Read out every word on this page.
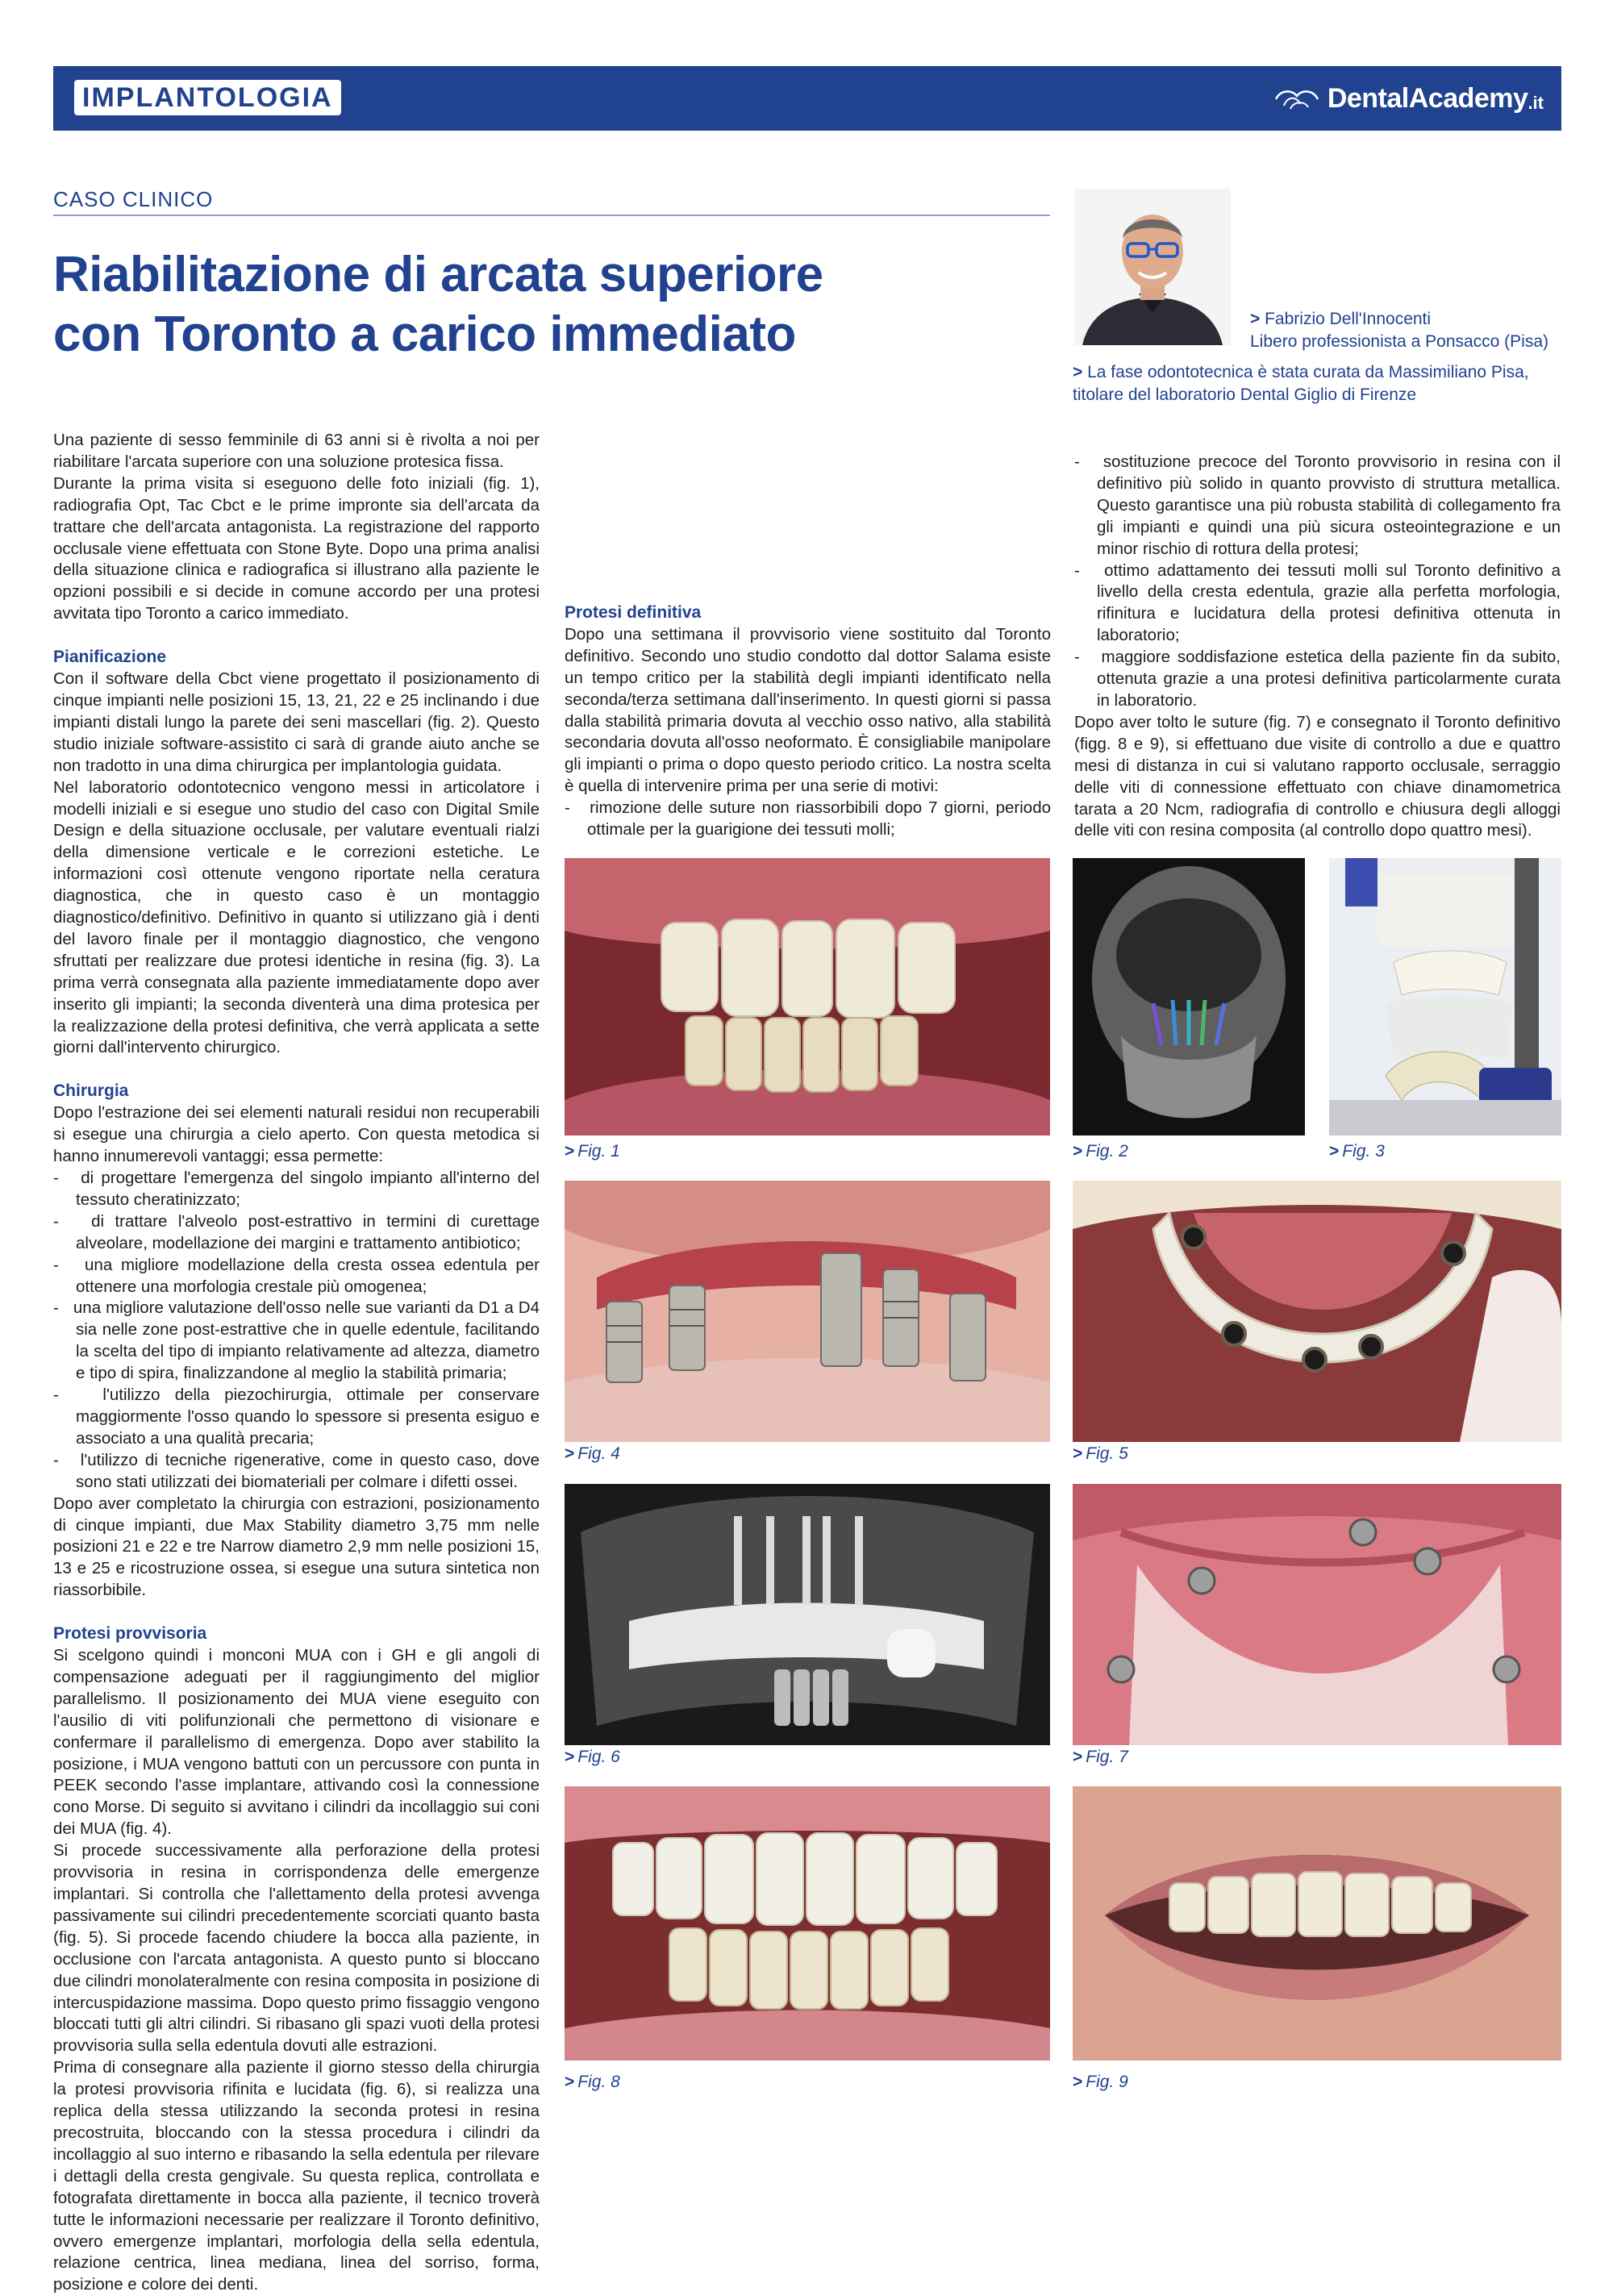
IMPLANTOLOGIA	DentalAcademy .it
CASO CLINICO
Riabilitazione di arcata superiore
con Toronto a carico immediato	> Fabrizio Dell'Innocenti
Libero professionista a Ponsacco (Pisa)
> La fase odontotecnica è stata curata da Massimiliano Pisa,
titolare del laboratorio Dental Giglio di Firenze

Una paziente di sesso femminile di 63 anni si è rivolta a noi per riabilitare l'arcata superiore con una soluzione protesica fissa.

Durante la prima visita si eseguono delle foto iniziali (fig. 1), radiografia Opt, Tac Cbct e le prime impronte sia dell'arcata da trattare che dell'arcata antagonista. La registrazione del rapporto occlusale viene effettuata con Stone Byte. Dopo una prima analisi della situazione clinica e radiografica si illustrano alla paziente le opzioni possibili e si decide in comune accordo per una protesi avvitata tipo Toronto a carico immediato.

Pianificazione

Con il software della Cbct viene progettato il posizionamento di cinque impianti nelle posizioni 15, 13, 21, 22 e 25 inclinando i due impianti distali lungo la parete dei seni mascellari (fig. 2). Questo studio iniziale software-assistito ci sarà di grande aiuto anche se non tradotto in una dima chirurgica per implantologia guidata.

Nel laboratorio odontotecnico vengono messi in articolatore i modelli iniziali e si esegue uno studio del caso con Digital Smile Design e della situazione occlusale, per valutare eventuali rialzi della dimensione verticale e le correzioni estetiche. Le informazioni così ottenute vengono riportate nella ceratura diagnostica, che in questo caso è un montaggio diagnostico/definitivo. Definitivo in quanto si utilizzano già i denti del lavoro finale per il montaggio diagnostico, che vengono sfruttati per realizzare due protesi identiche in resina (fig. 3). La prima verrà consegnata alla paziente immediatamente dopo aver inserito gli impianti; la seconda diventerà una dima protesica per la realizzazione della protesi definitiva, che verrà applicata a sette giorni dall'intervento chirurgico.

Chirurgia

Dopo l'estrazione dei sei elementi naturali residui non recuperabili si esegue una chirurgia a cielo aperto. Con questa metodica si hanno innumerevoli vantaggi; essa permette:

-   di progettare l'emergenza del singolo impianto all'interno del tessuto cheratinizzato;

-   di trattare l'alveolo post-estrattivo in termini di curettage alveolare, modellazione dei margini e trattamento antibiotico;

-   una migliore modellazione della cresta ossea edentula per ottenere una morfologia crestale più omogenea;

-   una migliore valutazione dell'osso nelle sue varianti da D1 a D4 sia nelle zone post-estrattive che in quelle edentule, facilitando la scelta del tipo di impianto relativamente ad altezza, diametro e tipo di spira, finalizzandone al meglio la stabilità primaria;

-   l'utilizzo della piezochirurgia, ottimale per conservare maggiormente l'osso quando lo spessore si presenta esiguo e associato a una qualità precaria;

-   l'utilizzo di tecniche rigenerative, come in questo caso, dove sono stati utilizzati dei biomateriali per colmare i difetti ossei.

Dopo aver completato la chirurgia con estrazioni, posizionamento di cinque impianti, due Max Stability diametro 3,75 mm nelle posizioni 21 e 22 e tre Narrow diametro 2,9 mm nelle posizioni 15, 13 e 25 e ricostruzione ossea, si esegue una sutura sintetica non riassorbibile.

Protesi provvisoria

Si scelgono quindi i monconi MUA con i GH e gli angoli di compensazione adeguati per il raggiungimento del miglior parallelismo. Il posizionamento dei MUA viene eseguito con l'ausilio di viti polifunzionali che permettono di visionare e confermare il parallelismo di emergenza. Dopo aver stabilito la posizione, i MUA vengono battuti con un percussore con punta in PEEK secondo l'asse implantare, attivando così la connessione cono Morse. Di seguito si avvitano i cilindri da incollaggio sui coni dei MUA (fig. 4).

Si procede successivamente alla perforazione della protesi provvisoria in resina in corrispondenza delle emergenze implantari. Si controlla che l'allettamento della protesi avvenga passivamente sui cilindri precedentemente scorciati quanto basta (fig. 5). Si procede facendo chiudere la bocca alla paziente, in occlusione con l'arcata antagonista. A questo punto si bloccano due cilindri monolateralmente con resina composita in posizione di intercuspidazione massima. Dopo questo primo fissaggio vengono bloccati tutti gli altri cilindri. Si ribasano gli spazi vuoti della protesi provvisoria sulla sella edentula dovuti alle estrazioni.

Prima di consegnare alla paziente il giorno stesso della chirurgia la protesi provvisoria rifinita e lucidata (fig. 6), si realizza una replica della stessa utilizzando la seconda protesi in resina precostruita, bloccando con la stessa procedura i cilindri da incollaggio al suo interno e ribasando la sella edentula per rilevare i dettagli della cresta gengivale. Su questa replica, controllata e fotografata direttamente in bocca alla paziente, il tecnico troverà tutte le informazioni necessarie per realizzare il Toronto definitivo, ovvero emergenze implantari, morfologia della sella edentula, relazione centrica, linea mediana, linea del sorriso, forma, posizione e colore dei denti.

Protesi definitiva

Dopo una settimana il provvisorio viene sostituito dal Toronto definitivo. Secondo uno studio condotto dal dottor Salama esiste un tempo critico per la stabilità degli impianti identificato nella seconda/terza settimana dall'inserimento. In questi giorni si passa dalla stabilità primaria dovuta al vecchio osso nativo, alla stabilità secondaria dovuta all'osso neoformato. È consigliabile manipolare gli impianti o prima o dopo questo periodo critico. La nostra scelta è quella di intervenire prima per una serie di motivi:

-   rimozione delle suture non riassorbibili dopo 7 giorni, periodo ottimale per la guarigione dei tessuti molli;

-   sostituzione precoce del Toronto provvisorio in resina con il definitivo più solido in quanto provvisto di struttura metallica. Questo garantisce una più robusta stabilità di collegamento fra gli impianti e quindi una più sicura osteointegrazione e un minor rischio di rottura della protesi;

-   ottimo adattamento dei tessuti molli sul Toronto definitivo a livello della cresta edentula, grazie alla perfetta morfologia, rifinitura e lucidatura della protesi definitiva ottenuta in laboratorio;

-   maggiore soddisfazione estetica della paziente fin da subito, ottenuta grazie a una protesi definitiva particolarmente curata in laboratorio.

Dopo aver tolto le suture (fig. 7) e consegnato il Toronto definitivo (figg. 8 e 9), si effettuano due visite di controllo a due e quattro mesi di distanza in cui si valutano rapporto occlusale, serraggio delle viti di connessione effettuato con chiave dinamometrica tarata a 20 Ncm, radiografia di controllo e chiusura degli alloggi delle viti con resina composita (al controllo dopo quattro mesi).

> Fig. 1	> Fig. 2	> Fig. 3
> Fig. 4	> Fig. 5
> Fig. 6	> Fig. 7
> Fig. 8	> Fig. 9
